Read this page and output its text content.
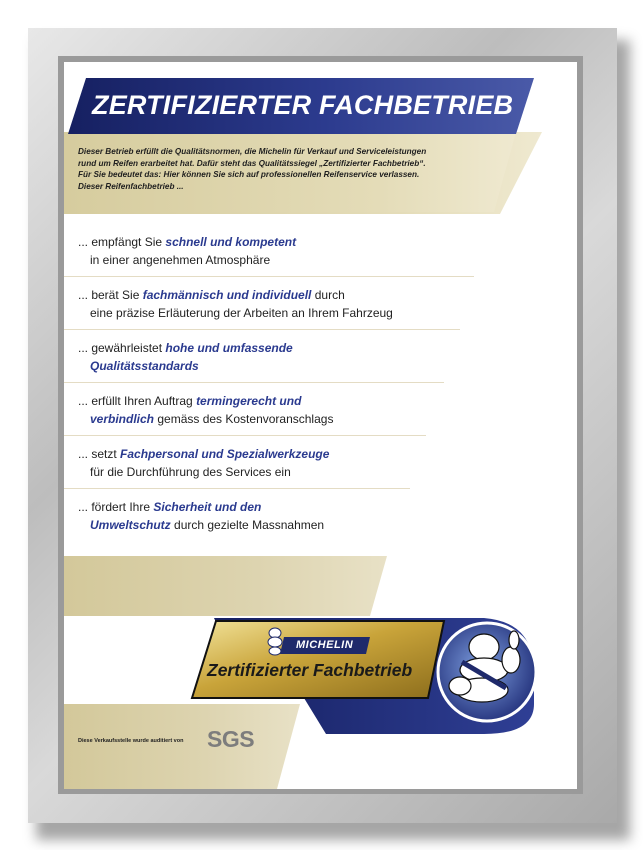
ZERTIFIZIERTER FACHBETRIEB
Dieser Betrieb erfüllt die Qualitätsnormen, die Michelin für Verkauf und Serviceleistungen
rund um Reifen erarbeitet hat. Dafür steht das Qualitätssiegel „Zertifizierter Fachbetrieb“.
Für Sie bedeutet das: Hier können Sie sich auf professionellen Reifenservice verlassen.
Dieser Reifenfachbetrieb ...
... empfängt Sie schnell und kompetent
in einer angenehmen Atmosphäre
... berät Sie fachmännisch und individuell durch
eine präzise Erläuterung der Arbeiten an Ihrem Fahrzeug
... gewährleistet hohe und umfassende
Qualitätsstandards
... erfüllt Ihren Auftrag termingerecht und
verbindlich gemäss des Kostenvoranschlags
... setzt Fachpersonal und Spezialwerkzeuge
für die Durchführung des Services ein
... fördert Ihre Sicherheit und den
Umweltschutz durch gezielte Massnahmen
MICHELIN
Zertifizierter Fachbetrieb
Diese Verkaufsstelle wurde auditiert von SGS
